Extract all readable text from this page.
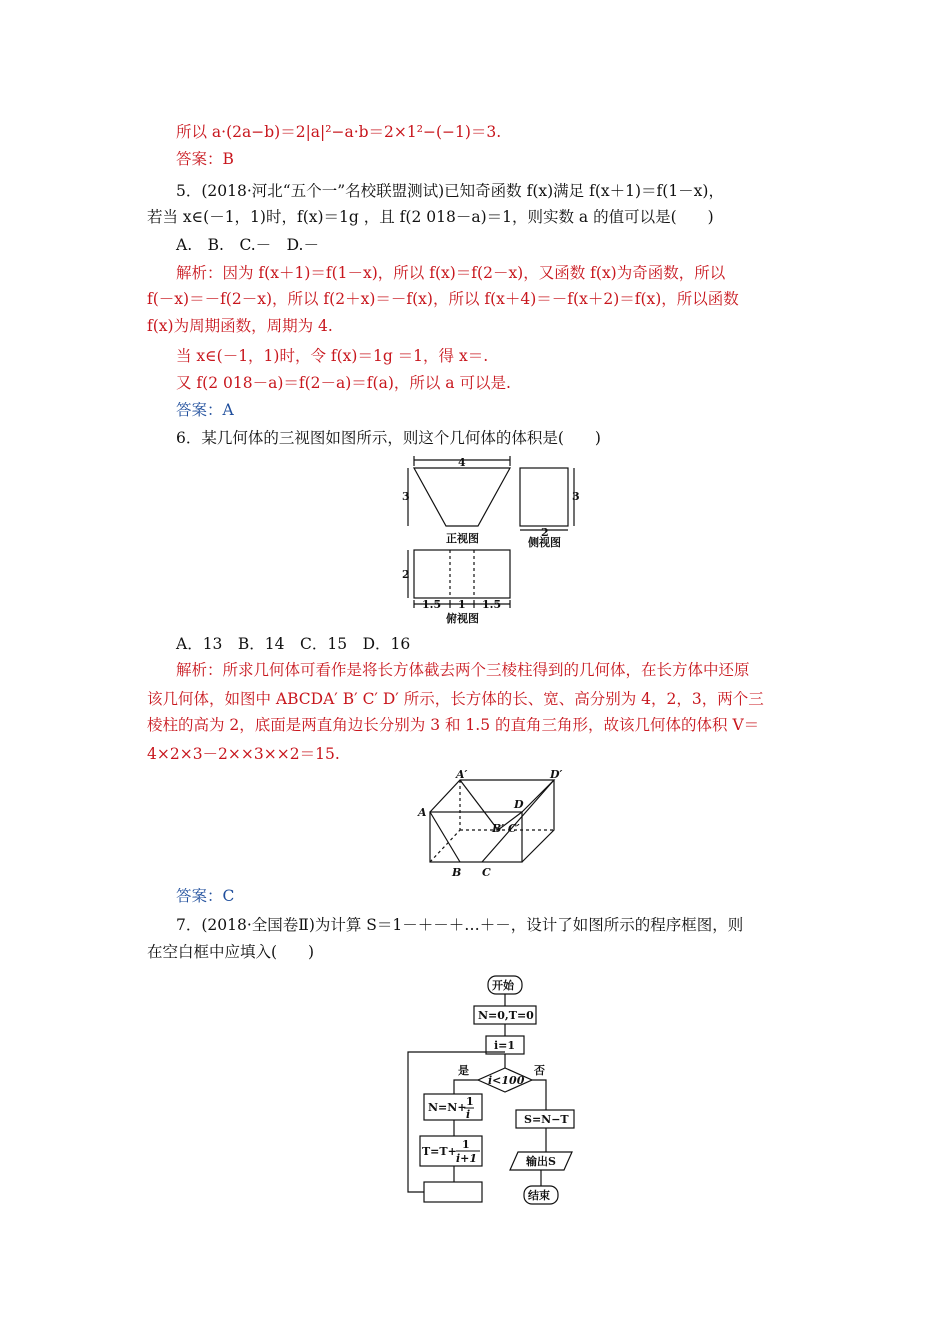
所以 a·(2a−b)＝2|a|²−a·b＝2×1²−(−1)＝3.
答案：B
5．(2018·河北“五个一”名校联盟测试)已知奇函数 f(x)满足 f(x＋1)＝f(1－x)，
若当 x∈(－1，1)时，f(x)＝1g ，且 f(2 018－a)＝1，则实数 a 的值可以是(　　)
A.　B.　C.－　D.－
解析：因为 f(x＋1)＝f(1－x)，所以 f(x)＝f(2－x)，又函数 f(x)为奇函数，所以
f(－x)＝－f(2－x)，所以 f(2＋x)＝－f(x)，所以 f(x＋4)＝－f(x＋2)＝f(x)，所以函数
f(x)为周期函数，周期为 4.
当 x∈(－1，1)时，令 f(x)＝1g ＝1，得 x＝.
又 f(2 018－a)＝f(2－a)＝f(a)，所以 a 可以是.
答案：A
6．某几何体的三视图如图所示，则这个几何体的体积是(　　)
4
3	3
2
正视图	侧视图
2
1.5 1 1.5
俯视图
A．13　B．14　C．15　D．16
解析：所求几何体可看作是将长方体截去两个三棱柱得到的几何体，在长方体中还原
该几何体，如图中 ABCDA′ B′ C′ D′ 所示，长方体的长、宽、高分别为 4，2，3，两个三
棱柱的高为 2，底面是两直角边长分别为 3 和 1.5 的直角三角形，故该几何体的体积 V＝
4×2×3－2××3××2＝15.
A′	D′
A
D
B′ C′
B C
答案：C
7．(2018·全国卷Ⅱ)为计算 S＝1－＋－＋…＋－，设计了如图所示的程序框图，则
在空白框中应填入(　　)
开始
N=0,T=0
i=1
i<100
是	否
N=N+ 1
i
T=T+
1
i+1
S=N−T
输出S
结束
